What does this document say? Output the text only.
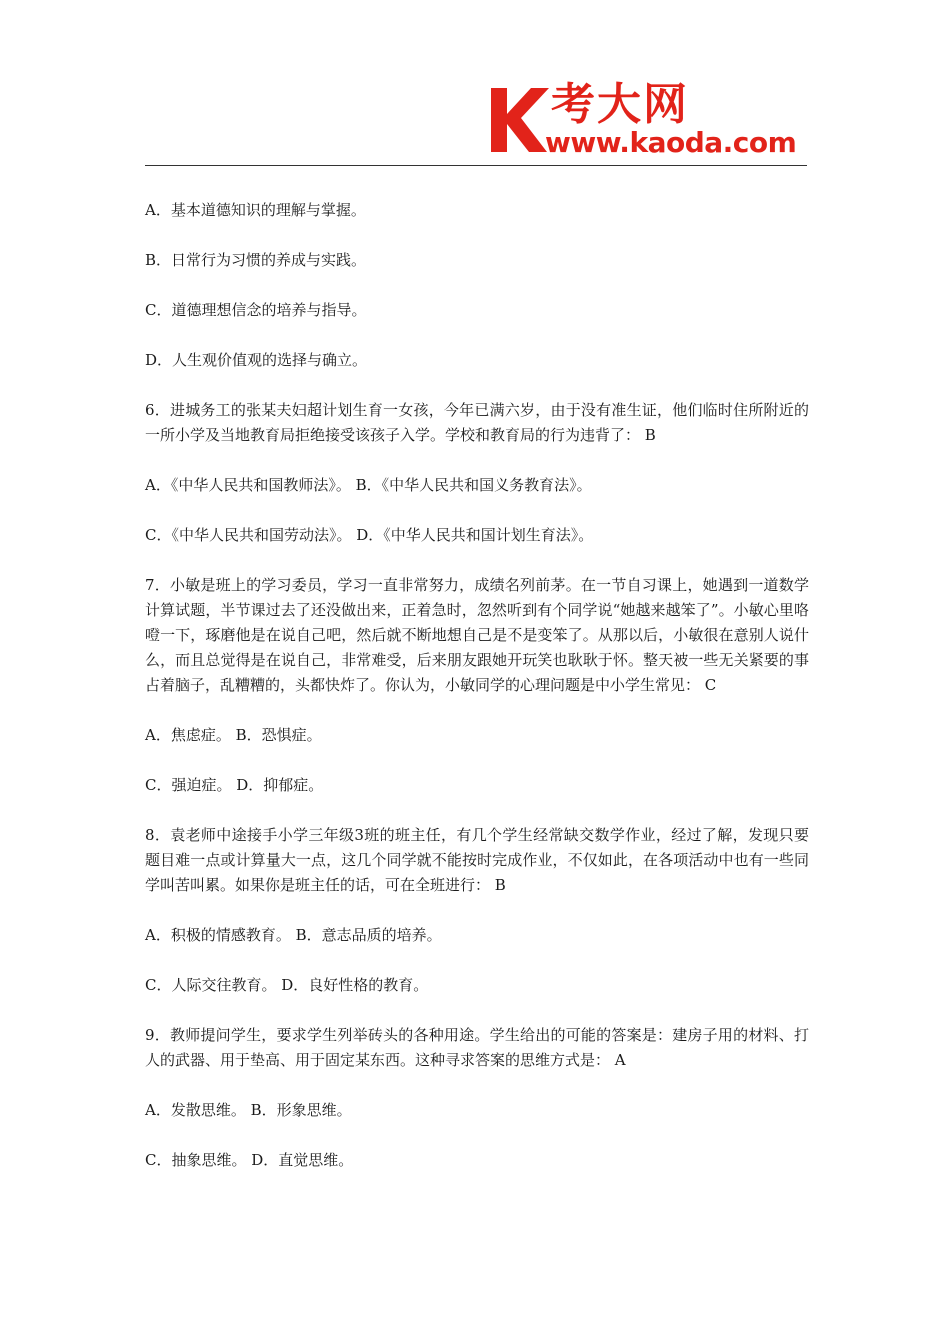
考大网
www.kaoda.com

A．基本道德知识的理解与掌握。

B．日常行为习惯的养成与实践。

C．道德理想信念的培养与指导。

D．人生观价值观的选择与确立。

6．进城务工的张某夫妇超计划生育一女孩，今年已满六岁，由于没有准生证，他们临时住所附近的一所小学及当地教育局拒绝接受该孩子入学。学校和教育局的行为违背了： B

A．《中华人民共和国教师法》。 B．《中华人民共和国义务教育法》。

C．《中华人民共和国劳动法》。 D．《中华人民共和国计划生育法》。

7．小敏是班上的学习委员，学习一直非常努力，成绩名列前茅。在一节自习课上，她遇到一道数学计算试题，半节课过去了还没做出来，正着急时，忽然听到有个同学说“她越来越笨了”。小敏心里咯噔一下，琢磨他是在说自己吧，然后就不断地想自己是不是变笨了。从那以后，小敏很在意别人说什么，而且总觉得是在说自己，非常难受，后来朋友跟她开玩笑也耿耿于怀。整天被一些无关紧要的事占着脑子，乱糟糟的，头都快炸了。你认为，小敏同学的心理问题是中小学生常见： C

A．焦虑症。 B．恐惧症。

C．强迫症。 D．抑郁症。

8．袁老师中途接手小学三年级3班的班主任，有几个学生经常缺交数学作业，经过了解，发现只要题目难一点或计算量大一点，这几个同学就不能按时完成作业，不仅如此，在各项活动中也有一些同学叫苦叫累。如果你是班主任的话，可在全班进行： B

A．积极的情感教育。 B．意志品质的培养。

C．人际交往教育。 D．良好性格的教育。

9．教师提问学生，要求学生列举砖头的各种用途。学生给出的可能的答案是：建房子用的材料、打人的武器、用于垫高、用于固定某东西。这种寻求答案的思维方式是： A

A．发散思维。 B．形象思维。

C．抽象思维。 D．直觉思维。
